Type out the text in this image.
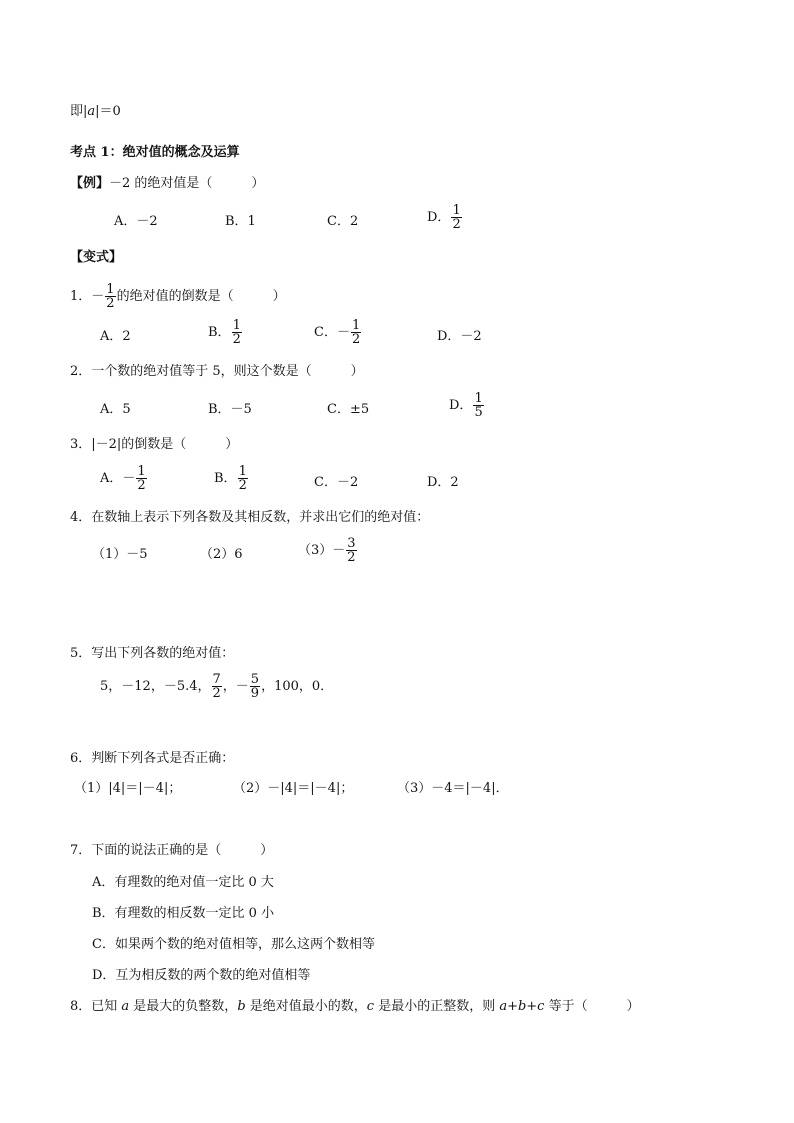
即|a|＝0
考点 1：绝对值的概念及运算
【例】－2 的绝对值是（　　　）
A．－2	B．1	C．2	D． $\frac{1}{2}$
【变式】
1．－ $\frac{1}{2}$ 的绝对值的倒数是（　　　）
A．2	B． $\frac{1}{2}$	C．－ $\frac{1}{2}$	D．－2
2．一个数的绝对值等于 5，则这个数是（　　　）
A．5	B．－5	C．±5	D． $\frac{1}{5}$
3．|－2|的倒数是（　　　）
A．－ $\frac{1}{2}$	B． $\frac{1}{2}$	C．－2	D．2
4．在数轴上表示下列各数及其相反数，并求出它们的绝对值：
（1）－5	（2）6	$(3)- \frac{3}{2}$
5．写出下列各数的绝对值：
5，－12，－5.4， $\frac{7}{2}$ ，－ $\frac{5}{9}$ ，100，0．
6．判断下列各式是否正确：
（1）|4|＝|－4|；	（2）－|4|＝|－4|；	（3）－4＝|－4|．
7．下面的说法正确的是（　　　）
A．有理数的绝对值一定比 0 大
B．有理数的相反数一定比 0 小
C．如果两个数的绝对值相等，那么这两个数相等
D．互为相反数的两个数的绝对值相等
8．已知 a 是最大的负整数，b 是绝对值最小的数，c 是最小的正整数，则 a+b+c 等于（　　　）
